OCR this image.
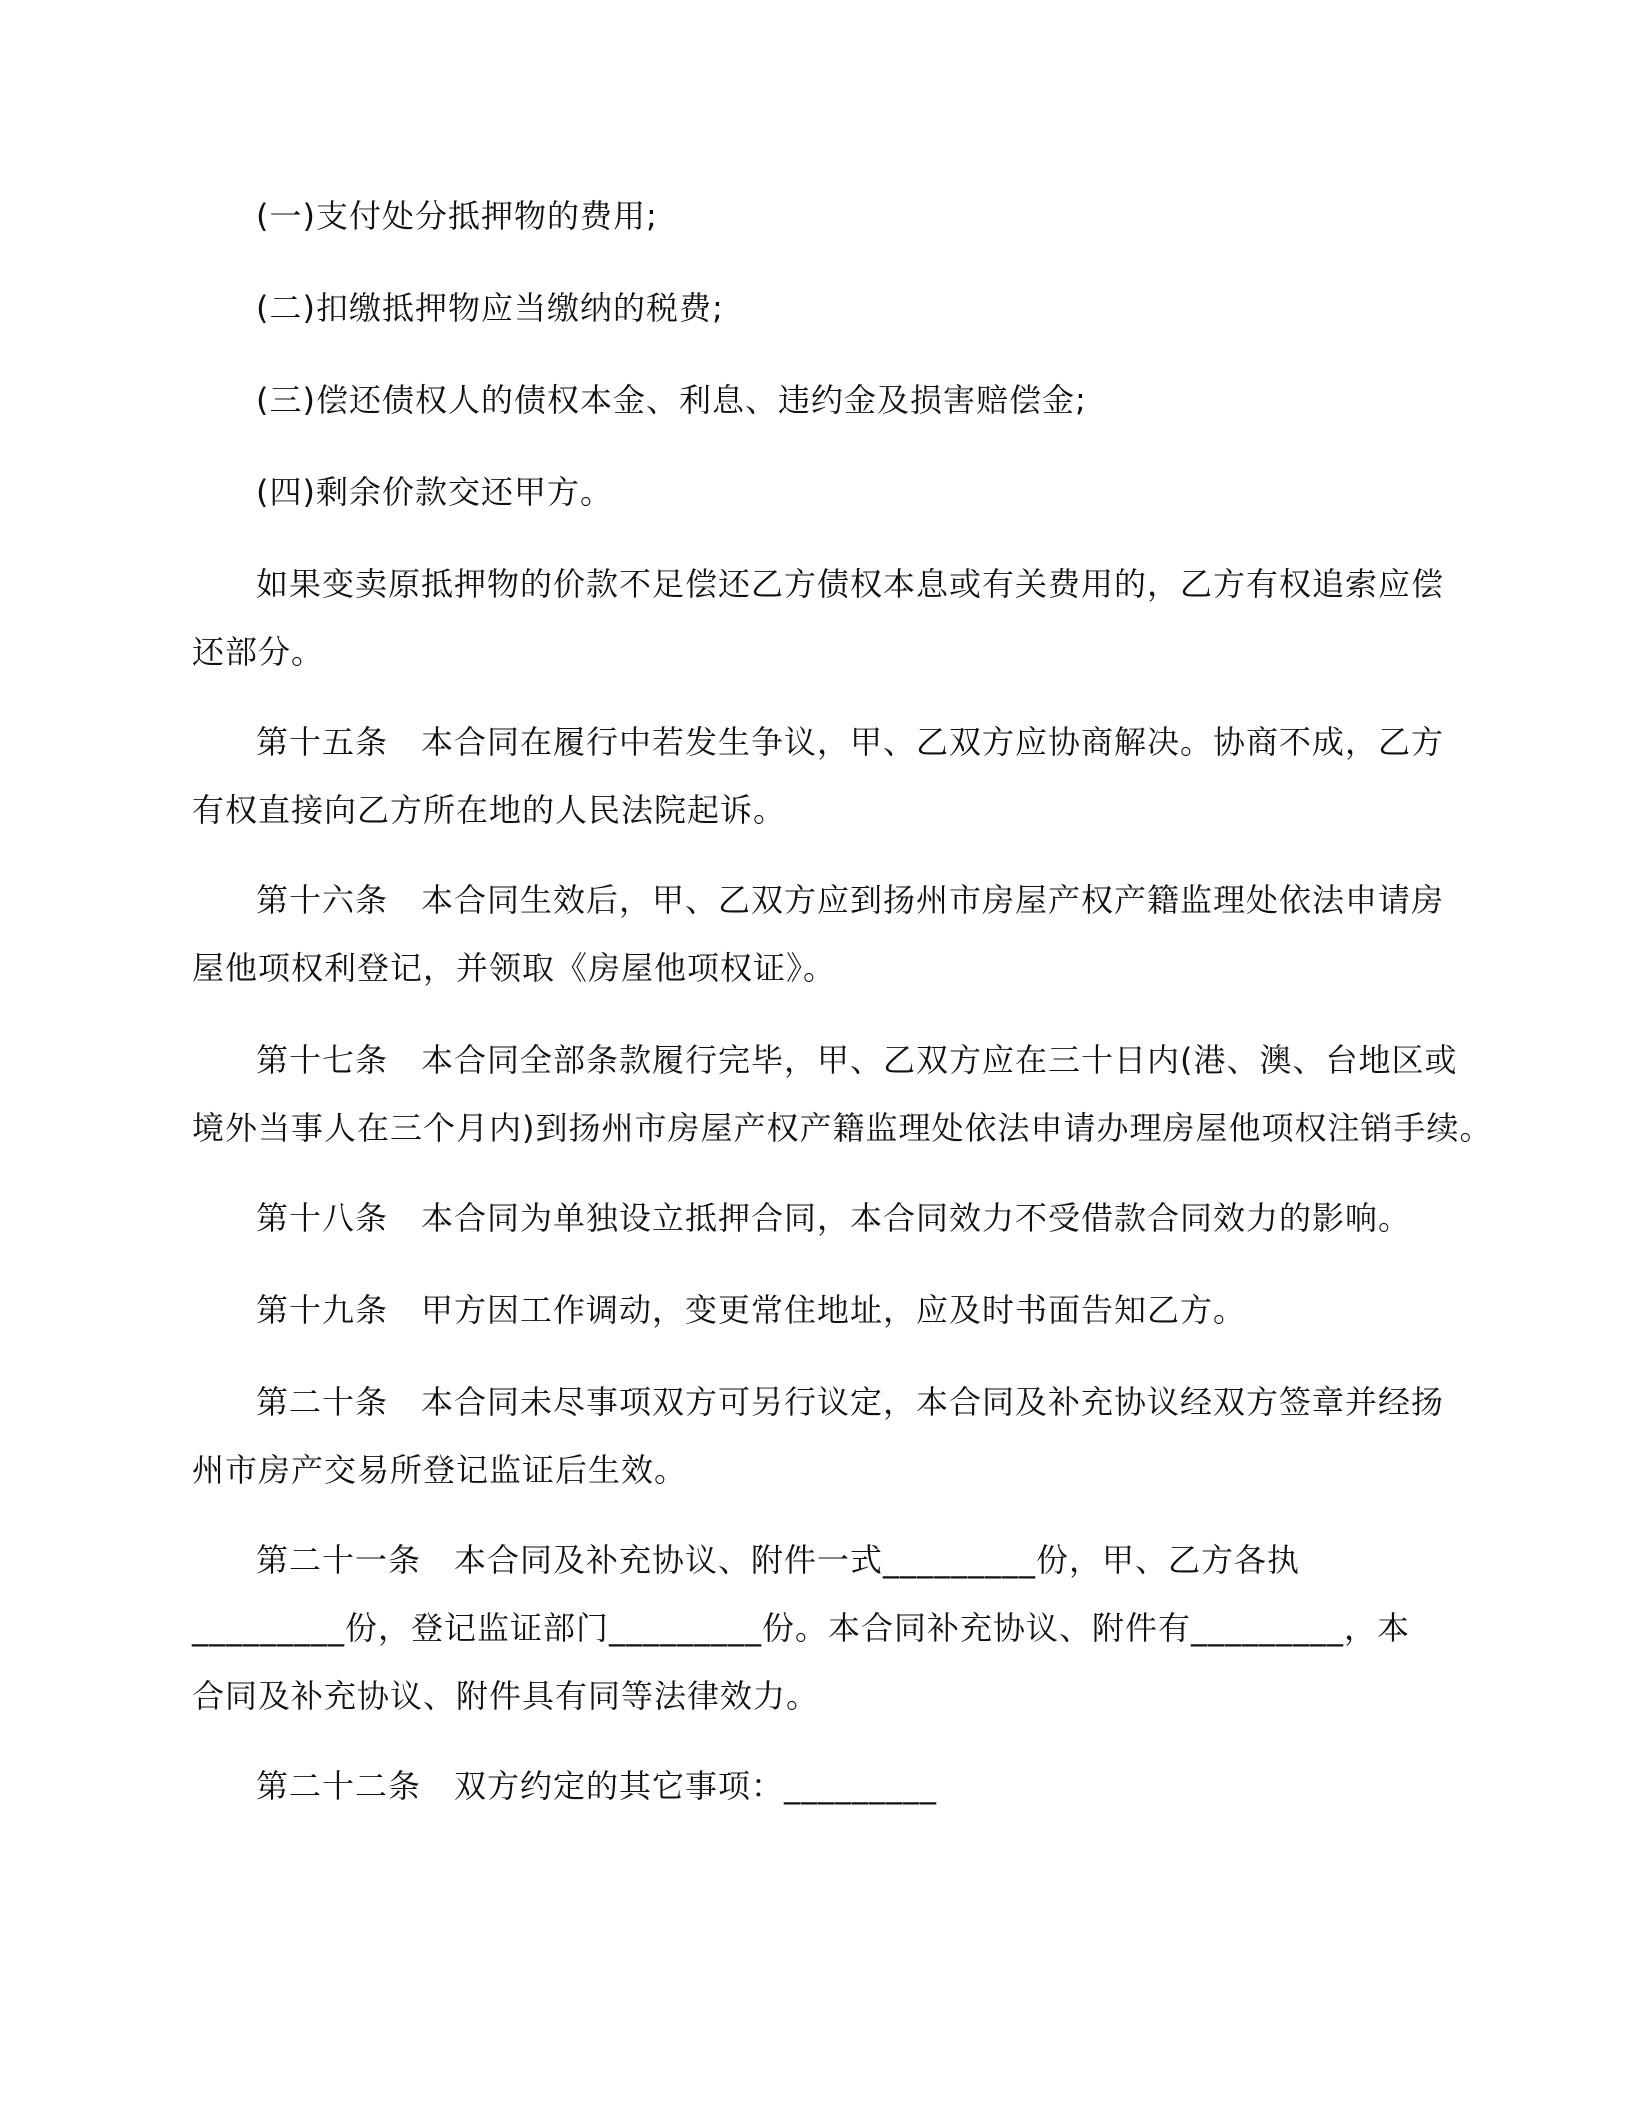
(一)支付处分抵押物的费用;
(二)扣缴抵押物应当缴纳的税费;
(三)偿还债权人的债权本金、利息、违约金及损害赔偿金;
(四)剩余价款交还甲方。
如果变卖原抵押物的价款不足偿还乙方债权本息或有关费用的，乙方有权追索应偿
还部分。
第十五条　本合同在履行中若发生争议，甲、乙双方应协商解决。协商不成，乙方
有权直接向乙方所在地的人民法院起诉。
第十六条　本合同生效后，甲、乙双方应到扬州市房屋产权产籍监理处依法申请房
屋他项权利登记，并领取《房屋他项权证》。
第十七条　本合同全部条款履行完毕，甲、乙双方应在三十日内(港、澳、台地区或
境外当事人在三个月内)到扬州市房屋产权产籍监理处依法申请办理房屋他项权注销手续。
第十八条　本合同为单独设立抵押合同，本合同效力不受借款合同效力的影响。
第十九条　甲方因工作调动，变更常住地址，应及时书面告知乙方。
第二十条　本合同未尽事项双方可另行议定，本合同及补充协议经双方签章并经扬
州市房产交易所登记监证后生效。
第二十一条　本合同及补充协议、附件一式_________份，甲、乙方各执
_________份，登记监证部门_________份。本合同补充协议、附件有_________，本
合同及补充协议、附件具有同等法律效力。
第二十二条　双方约定的其它事项：_________
